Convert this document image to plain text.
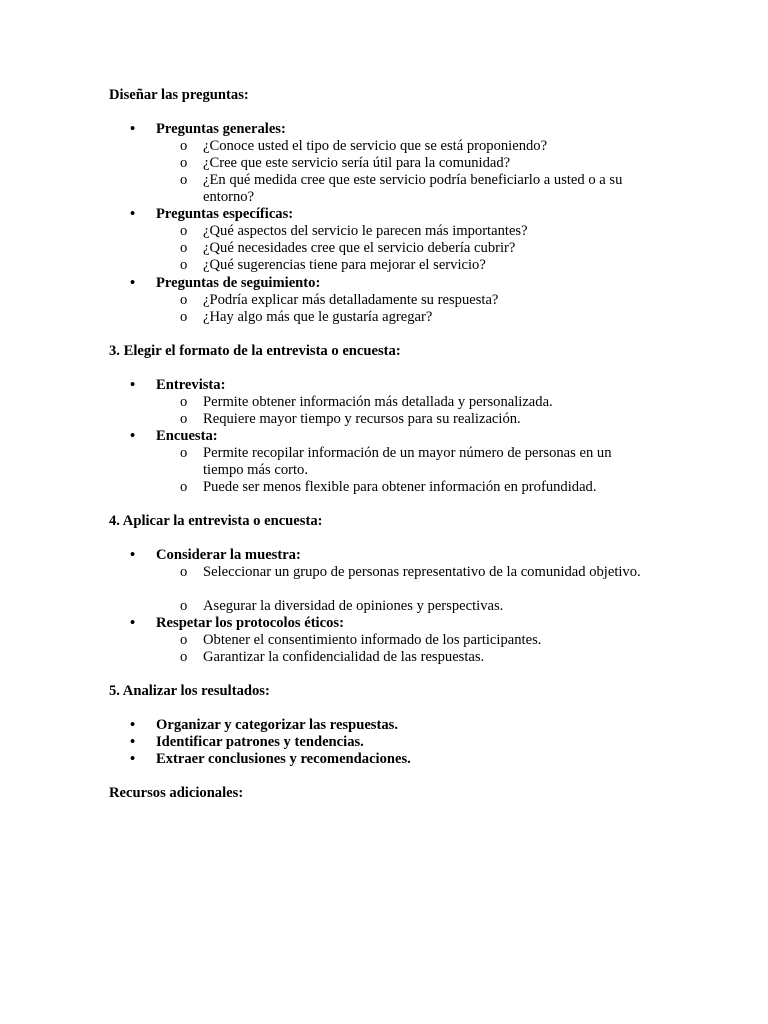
Diseñar las preguntas:
• Preguntas generales:
o ¿Conoce usted el tipo de servicio que se está proponiendo?
o ¿Cree que este servicio sería útil para la comunidad?
o ¿En qué medida cree que este servicio podría beneficiarlo a usted o a su entorno?
• Preguntas específicas:
o ¿Qué aspectos del servicio le parecen más importantes?
o ¿Qué necesidades cree que el servicio debería cubrir?
o ¿Qué sugerencias tiene para mejorar el servicio?
• Preguntas de seguimiento:
o ¿Podría explicar más detalladamente su respuesta?
o ¿Hay algo más que le gustaría agregar?
3. Elegir el formato de la entrevista o encuesta:
• Entrevista:
o Permite obtener información más detallada y personalizada.
o Requiere mayor tiempo y recursos para su realización.
• Encuesta:
o Permite recopilar información de un mayor número de personas en un tiempo más corto.
o Puede ser menos flexible para obtener información en profundidad.
4. Aplicar la entrevista o encuesta:
• Considerar la muestra:
o Seleccionar un grupo de personas representativo de la comunidad objetivo.
o Asegurar la diversidad de opiniones y perspectivas.
• Respetar los protocolos éticos:
o Obtener el consentimiento informado de los participantes.
o Garantizar la confidencialidad de las respuestas.
5. Analizar los resultados:
• Organizar y categorizar las respuestas.
• Identificar patrones y tendencias.
• Extraer conclusiones y recomendaciones.
Recursos adicionales:
